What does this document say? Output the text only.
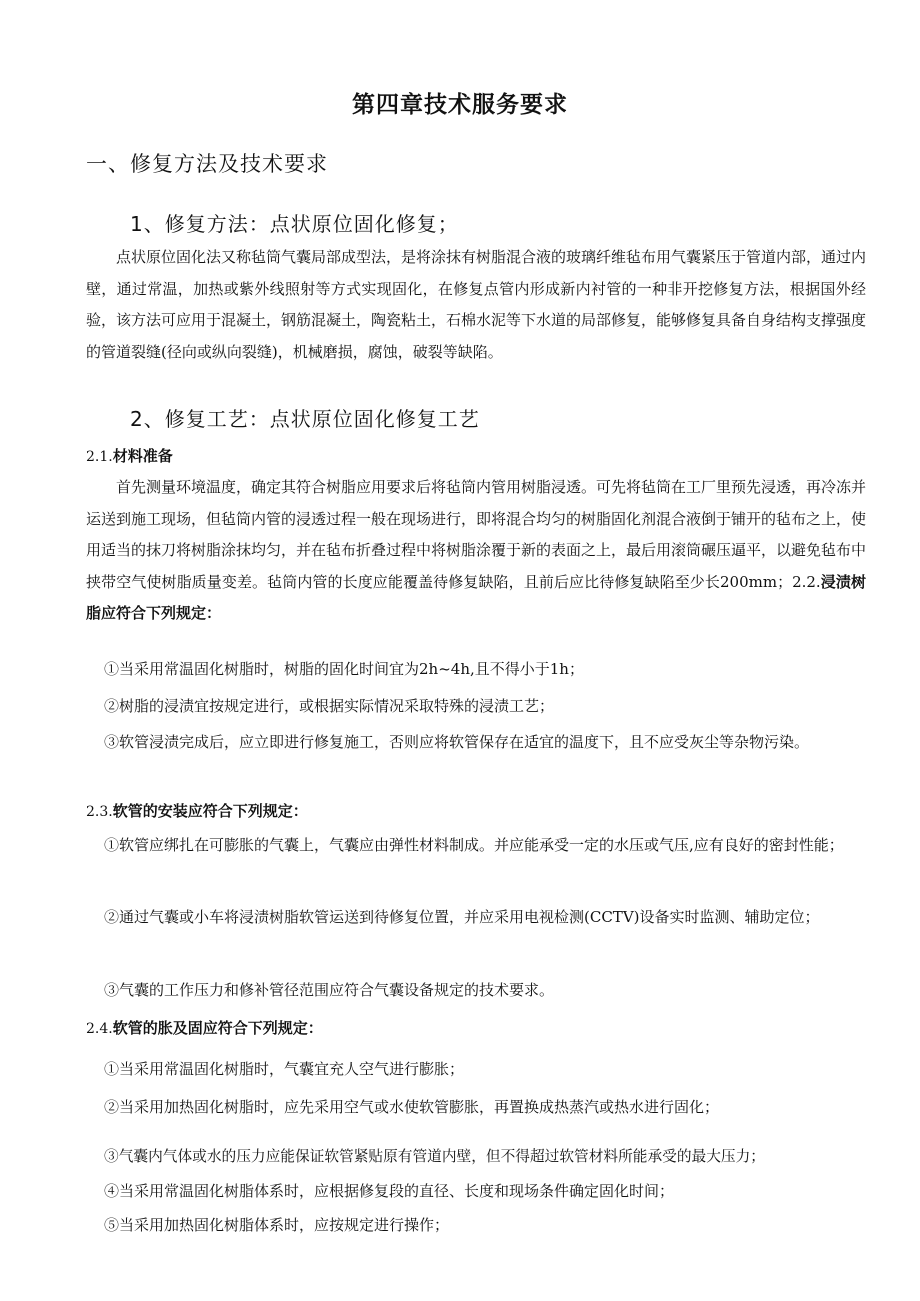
第四章技术服务要求
一、修复方法及技术要求
1、修复方法：点状原位固化修复；

点状原位固化法又称毡筒气囊局部成型法，是将涂抹有树脂混合液的玻璃纤维毡布用气囊紧压于管道内部，通过内壁，通过常温，加热或紫外线照射等方式实现固化，在修复点管内形成新内衬管的一种非开挖修复方法，根据国外经验，该方法可应用于混凝土，钢筋混凝土，陶瓷粘土，石棉水泥等下水道的局部修复，能够修复具备自身结构支撑强度的管道裂缝(径向或纵向裂缝)，机械磨损，腐蚀，破裂等缺陷。

2、修复工艺：点状原位固化修复工艺
2.1.材料准备

首先测量环境温度，确定其符合树脂应用要求后将毡筒内管用树脂浸透。可先将毡筒在工厂里预先浸透，再冷冻并运送到施工现场，但毡筒内管的浸透过程一般在现场进行，即将混合均匀的树脂固化剂混合液倒于铺开的毡布之上，使用适当的抹刀将树脂涂抹均匀，并在毡布折叠过程中将树脂涂覆于新的表面之上，最后用滚筒碾压逼平，以避免毡布中挟带空气使树脂质量变差。毡筒内管的长度应能覆盖待修复缺陷，且前后应比待修复缺陷至少长200mm；2.2.浸渍树脂应符合下列规定：

①当采用常温固化树脂时，树脂的固化时间宜为2h~4h,且不得小于1h；
②树脂的浸渍宜按规定进行，或根据实际情况采取特殊的浸渍工艺；
③软管浸渍完成后，应立即进行修复施工，否则应将软管保存在适宜的温度下，且不应受灰尘等杂物污染。
2.3.软管的安装应符合下列规定：
①软管应绑扎在可膨胀的气囊上，气囊应由弹性材料制成。并应能承受一定的水压或气压,应有良好的密封性能；
②通过气囊或小车将浸渍树脂软管运送到待修复位置，并应采用电视检测(CCTV)设备实时监测、辅助定位；
③气囊的工作压力和修补管径范围应符合气囊设备规定的技术要求。
2.4.软管的胀及固应符合下列规定：
①当采用常温固化树脂时，气囊宜充人空气进行膨胀；
②当采用加热固化树脂时，应先采用空气或水使软管膨胀，再置换成热蒸汽或热水进行固化；
③气囊内气体或水的压力应能保证软管紧贴原有管道内壁，但不得超过软管材料所能承受的最大压力；
④当采用常温固化树脂体系时，应根据修复段的直径、长度和现场条件确定固化时间；
⑤当采用加热固化树脂体系时，应按规定进行操作；
